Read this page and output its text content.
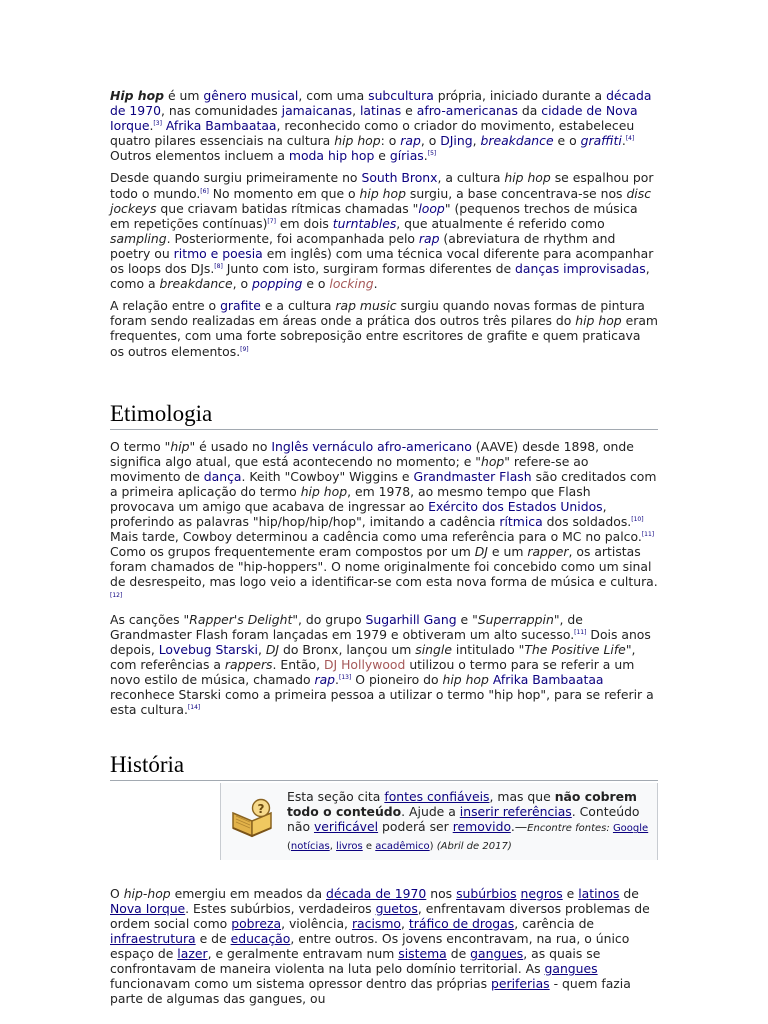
Hip hop é um gênero musical, com uma subcultura própria, iniciado durante a década de 1970, nas comunidades jamaicanas, latinas e afro-americanas da cidade de Nova Iorque.[3] Afrika Bambaataa, reconhecido como o criador do movimento, estabeleceu quatro pilares essenciais na cultura hip hop: o rap, o DJing, breakdance e o graffiti.[4] Outros elementos incluem a moda hip hop e gírias.[5]

Desde quando surgiu primeiramente no South Bronx, a cultura hip hop se espalhou por todo o mundo.[6] No momento em que o hip hop surgiu, a base concentrava-se nos disc jockeys que criavam batidas rítmicas chamadas "loop" (pequenos trechos de música em repetições contínuas)[7] em dois turntables, que atualmente é referido como sampling. Posteriormente, foi acompanhada pelo rap (abreviatura de rhythm and poetry ou ritmo e poesia em inglês) com uma técnica vocal diferente para acompanhar os loops dos DJs.[8] Junto com isto, surgiram formas diferentes de danças improvisadas, como a breakdance, o popping e o locking.

A relação entre o grafite e a cultura rap music surgiu quando novas formas de pintura foram sendo realizadas em áreas onde a prática dos outros três pilares do hip hop eram frequentes, com uma forte sobreposição entre escritores de grafite e quem praticava os outros elementos.[9]

Etimologia

O termo "hip" é usado no Inglês vernáculo afro-americano (AAVE) desde 1898, onde significa algo atual, que está acontecendo no momento; e "hop" refere-se ao movimento de dança. Keith "Cowboy" Wiggins e Grandmaster Flash são creditados com a primeira aplicação do termo hip hop, em 1978, ao mesmo tempo que Flash provocava um amigo que acabava de ingressar ao Exército dos Estados Unidos, proferindo as palavras "hip/hop/hip/hop", imitando a cadência rítmica dos soldados.[10] Mais tarde, Cowboy determinou a cadência como uma referência para o MC no palco.[11] Como os grupos frequentemente eram compostos por um DJ e um rapper, os artistas foram chamados de "hip-hoppers". O nome originalmente foi concebido como um sinal de desrespeito, mas logo veio a identificar-se com esta nova forma de música e cultura.[12]

As canções "Rapper's Delight", do grupo Sugarhill Gang e "Superrappin", de Grandmaster Flash foram lançadas em 1979 e obtiveram um alto sucesso.[11] Dois anos depois, Lovebug Starski, DJ do Bronx, lançou um single intitulado "The Positive Life", com referências a rappers. Então, DJ Hollywood utilizou o termo para se referir a um novo estilo de música, chamado rap.[13] O pioneiro do hip hop Afrika Bambaataa reconhece Starski como a primeira pessoa a utilizar o termo "hip hop", para se referir a esta cultura.[14]

História
?
Esta seção cita fontes confiáveis, mas que não cobrem todo o conteúdo. Ajude a inserir referências. Conteúdo não verificável poderá ser removido.—Encontre fontes: Google (notícias, livros e acadêmico) (Abril de 2017)

O hip-hop emergiu em meados da década de 1970 nos subúrbios negros e latinos de Nova Iorque. Estes subúrbios, verdadeiros guetos, enfrentavam diversos problemas de ordem social como pobreza, violência, racismo, tráfico de drogas, carência de infraestrutura e de educação, entre outros. Os jovens encontravam, na rua, o único espaço de lazer, e geralmente entravam num sistema de gangues, as quais se confrontavam de maneira violenta na luta pelo domínio territorial. As gangues funcionavam como um sistema opressor dentro das próprias periferias - quem fazia parte de algumas das gangues, ou
